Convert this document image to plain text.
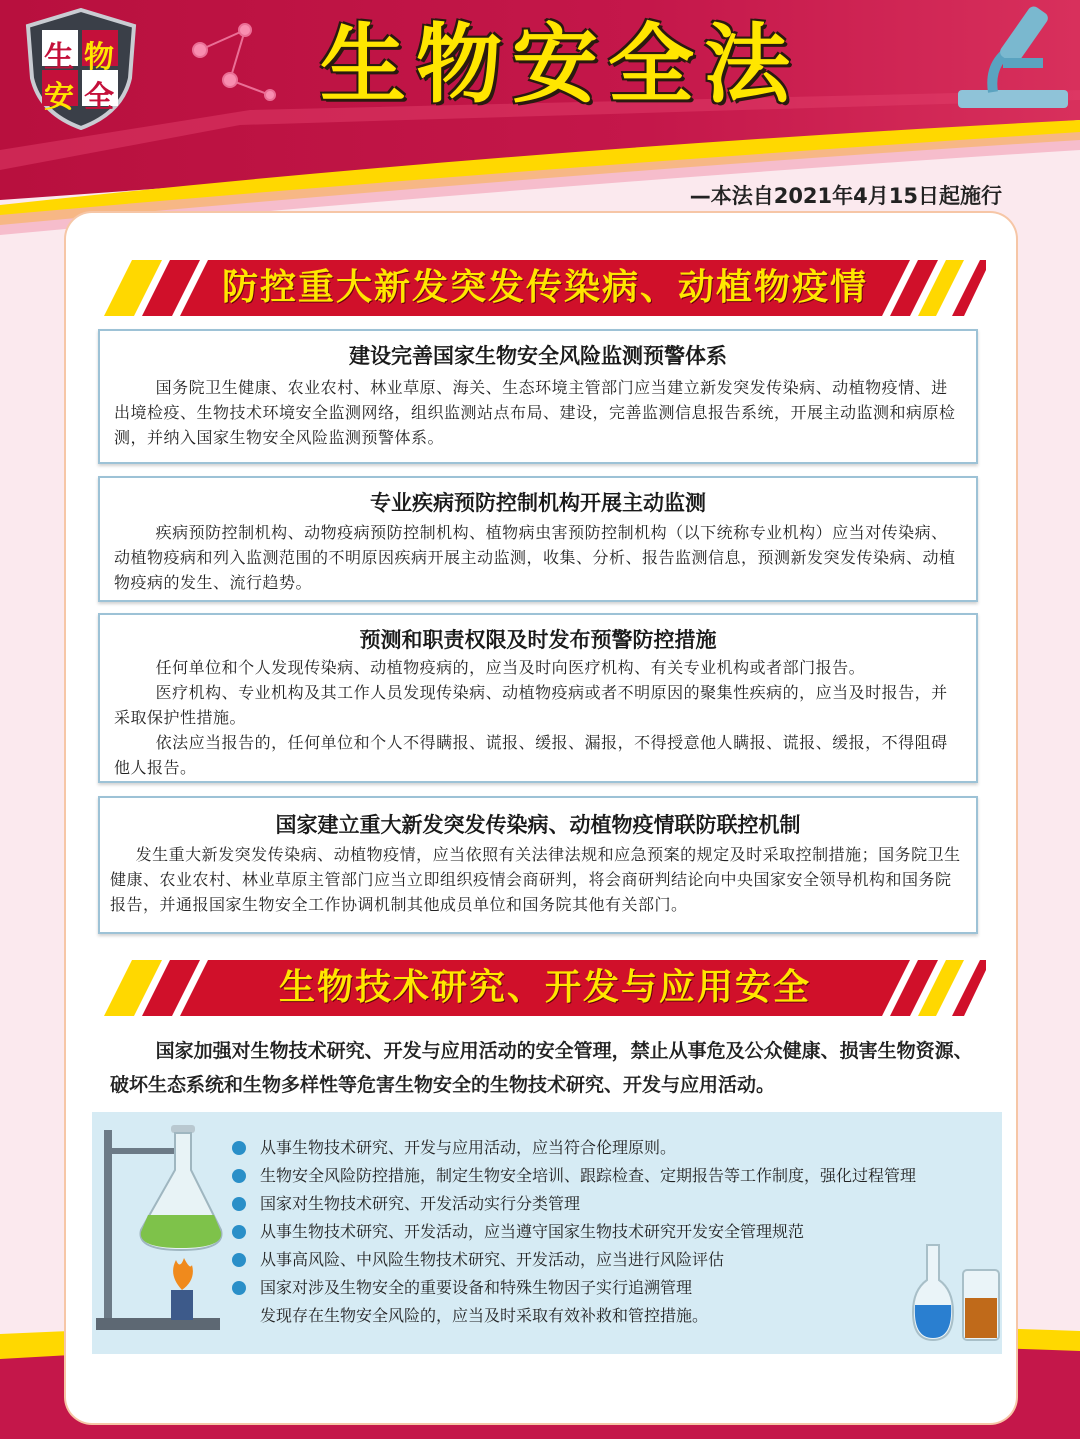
生 物
安 全	生物安全法
—本法自2021年4月15日起施行
防控重大新发突发传染病、动植物疫情
建设完善国家生物安全风险监测预警体系

国务院卫生健康、农业农村、林业草原、海关、生态环境主管部门应当建立新发突发传染病、动植物疫情、进出境检疫、生物技术环境安全监测网络，组织监测站点布局、建设，完善监测信息报告系统，开展主动监测和病原检测，并纳入国家生物安全风险监测预警体系。

专业疾病预防控制机构开展主动监测

疾病预防控制机构、动物疫病预防控制机构、植物病虫害预防控制机构（以下统称专业机构）应当对传染病、动植物疫病和列入监测范围的不明原因疾病开展主动监测，收集、分析、报告监测信息，预测新发突发传染病、动植物疫病的发生、流行趋势。

预测和职责权限及时发布预警防控措施

任何单位和个人发现传染病、动植物疫病的，应当及时向医疗机构、有关专业机构或者部门报告。

医疗机构、专业机构及其工作人员发现传染病、动植物疫病或者不明原因的聚集性疾病的，应当及时报告，并采取保护性措施。

依法应当报告的，任何单位和个人不得瞒报、谎报、缓报、漏报，不得授意他人瞒报、谎报、缓报，不得阻碍他人报告。

国家建立重大新发突发传染病、动植物疫情联防联控机制

发生重大新发突发传染病、动植物疫情，应当依照有关法律法规和应急预案的规定及时采取控制措施；国务院卫生健康、农业农村、林业草原主管部门应当立即组织疫情会商研判，将会商研判结论向中央国家安全领导机构和国务院报告，并通报国家生物安全工作协调机制其他成员单位和国务院其他有关部门。

生物技术研究、开发与应用安全
国家加强对生物技术研究、开发与应用活动的安全管理，禁止从事危及公众健康、损害生物资源、破坏生态系统和生物多样性等危害生物安全的生物技术研究、开发与应用活动。
从事生物技术研究、开发与应用活动，应当符合伦理原则。
生物安全风险防控措施，制定生物安全培训、跟踪检查、定期报告等工作制度，强化过程管理
国家对生物技术研究、开发活动实行分类管理
从事生物技术研究、开发活动，应当遵守国家生物技术研究开发安全管理规范
从事高风险、中风险生物技术研究、开发活动，应当进行风险评估
国家对涉及生物安全的重要设备和特殊生物因子实行追溯管理
发现存在生物安全风险的，应当及时采取有效补救和管控措施。
